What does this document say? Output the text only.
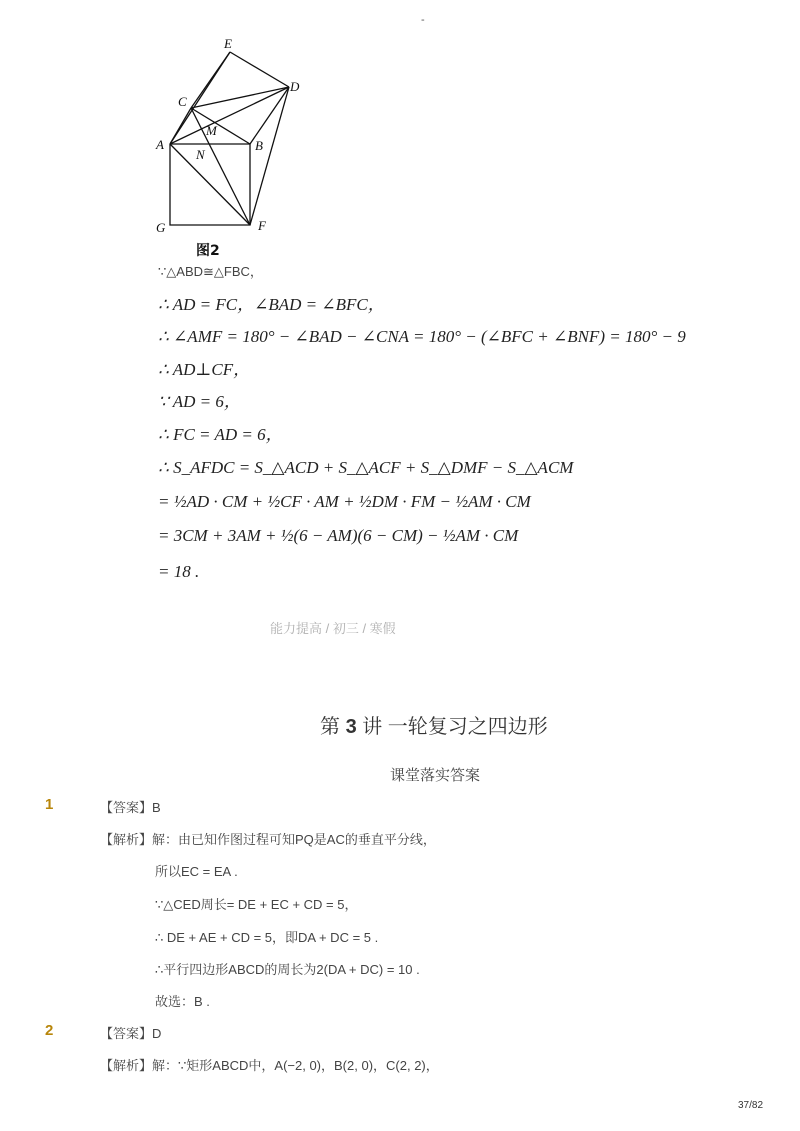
-
E
D
C
M
A
N
B
G	F
图2
∵△ABD≅△FBC，
∴ AD = FC，∠BAD = ∠BFC，
∴ ∠AMF = 180° − ∠BAD − ∠CNA = 180° − (∠BFC + ∠BNF) = 180° − 9
∴ AD⊥CF，
∵ AD = 6，
∴ FC = AD = 6，
∴ S_AFDC = S_△ACD + S_△ACF + S_△DMF − S_△ACM
= ½AD · CM + ½CF · AM + ½DM · FM − ½AM · CM
= 3CM + 3AM + ½(6 − AM)(6 − CM) − ½AM · CM
= 18 .
能力提高 / 初三 / 寒假
第 3 讲 一轮复习之四边形
课堂落实答案
1	【答案】B
【解析】解：由已知作图过程可知PQ是AC的垂直平分线，
所以EC = EA .
∵△CED周长= DE + EC + CD = 5，
∴ DE + AE + CD = 5，即DA + DC = 5 .
∴平行四边形ABCD的周长为2(DA + DC) = 10 .
故选：B .
2	【答案】D
【解析】解：∵矩形ABCD中，A(−2, 0)，B(2, 0)，C(2, 2)，
37/82
